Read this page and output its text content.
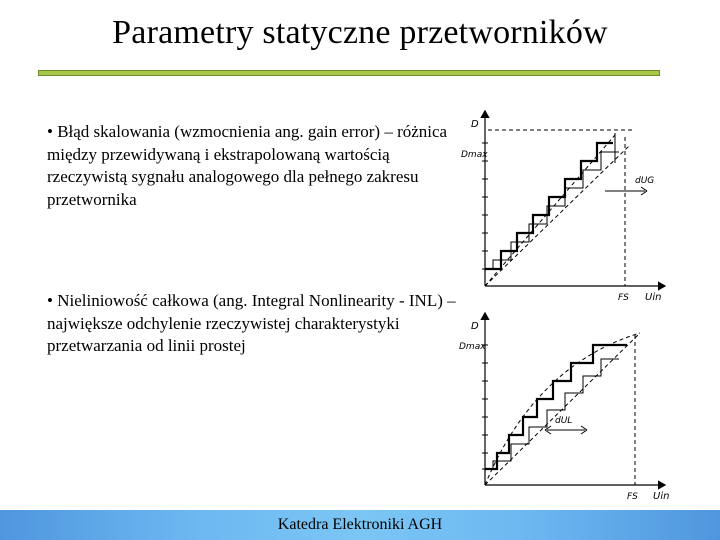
Parametry statyczne przetworników
• Błąd skalowania (wzmocnienia ang. gain error) – różnica między przewidywaną i ekstrapolowaną wartością rzeczywistą sygnału analogowego dla pełnego zakresu przetwornika
• Nieliniowość całkowa (ang. Integral Nonlinearity - INL) – największe odchylenie rzeczywistej charakterystyki przetwarzania od linii prostej
D
Dmax
FS Uin
dUG
D
Dmax
FS Uin
dUL
Katedra Elektroniki AGH
